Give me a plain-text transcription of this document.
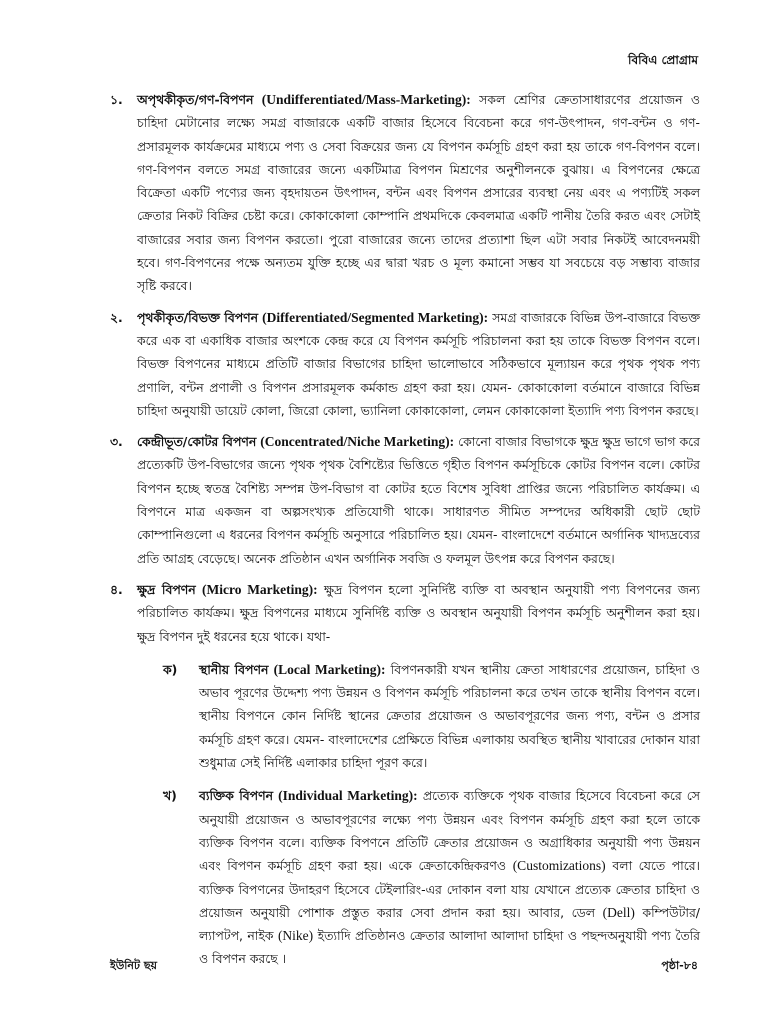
বিবিএ প্রোগ্রাম
১. অপৃথকীকৃত/গণ-বিপণন (Undifferentiated/Mass-Marketing): সকল শ্রেণির ক্রেতাসাধারণের প্রয়োজন ও চাহিদা মেটানোর লক্ষ্যে সমগ্র বাজারকে একটি বাজার হিসেবে বিবেচনা করে গণ-উৎপাদন, গণ-বন্টন ও গণ-প্রসারমূলক কার্যক্রমের মাধ্যমে পণ্য ও সেবা বিক্রয়ের জন্য যে বিপণন কর্মসূচি গ্রহণ করা হয় তাকে গণ-বিপণন বলে। গণ-বিপণন বলতে সমগ্র বাজারের জন্যে একটিমাত্র বিপণন মিশ্রণের অনুশীলনকে বুঝায়। এ বিপণনের ক্ষেত্রে বিক্রেতা একটি পণ্যের জন্য বৃহদায়তন উৎপাদন, বন্টন এবং বিপণন প্রসারের ব্যবস্থা নেয় এবং এ পণ্যটিই সকল ক্রেতার নিকট বিক্রির চেষ্টা করে। কোকাকোলা কোম্পানি প্রথমদিকে কেবলমাত্র একটি পানীয় তৈরি করত এবং সেটাই বাজারের সবার জন্য বিপণন করতো। পুরো বাজারের জন্যে তাদের প্রত্যাশা ছিল এটা সবার নিকটই আবেদনময়ী হবে। গণ-বিপণনের পক্ষে অন্যতম যুক্তি হচ্ছে এর দ্বারা খরচ ও মূল্য কমানো সম্ভব যা সবচেয়ে বড় সম্ভাব্য বাজার সৃষ্টি করবে।
২. পৃথকীকৃত/বিভক্ত বিপণন (Differentiated/Segmented Marketing): সমগ্র বাজারকে বিভিন্ন উপ-বাজারে বিভক্ত করে এক বা একাধিক বাজার অংশকে কেন্দ্র করে যে বিপণন কর্মসূচি পরিচালনা করা হয় তাকে বিভক্ত বিপণন বলে। বিভক্ত বিপণনের মাধ্যমে প্রতিটি বাজার বিভাগের চাহিদা ভালোভাবে সঠিকভাবে মূল্যায়ন করে পৃথক পৃথক পণ্য প্রণালি, বন্টন প্রণালী ও বিপণন প্রসারমূলক কর্মকান্ড গ্রহণ করা হয়। যেমন- কোকাকোলা বর্তমানে বাজারে বিভিন্ন চাহিদা অনুযায়ী ডায়েট কোলা, জিরো কোলা, ভ্যানিলা কোকাকোলা, লেমন কোকাকোলা ইত্যাদি পণ্য বিপণন করছে।
৩. কেন্দ্রীভূত/কোটর বিপণন (Concentrated/Niche Marketing): কোনো বাজার বিভাগকে ক্ষুদ্র ক্ষুদ্র ভাগে ভাগ করে প্রত্যেকটি উপ-বিভাগের জন্যে পৃথক পৃথক বৈশিষ্ট্যের ভিত্তিতে গৃহীত বিপণন কর্মসূচিকে কোটর বিপণন বলে। কোটর বিপণন হচ্ছে স্বতন্ত্র বৈশিষ্ট্য সম্পন্ন উপ-বিভাগ বা কোটর হতে বিশেষ সুবিধা প্রাপ্তির জন্যে পরিচালিত কার্যক্রম। এ বিপণনে মাত্র একজন বা অল্পসংখ্যক প্রতিযোগী থাকে। সাধারণত সীমিত সম্পদের অধিকারী ছোট ছোট কোম্পানিগুলো এ ধরনের বিপণন কর্মসূচি অনুসারে পরিচালিত হয়। যেমন- বাংলাদেশে বর্তমানে অর্গানিক খাদ্যদ্রব্যের প্রতি আগ্রহ বেড়েছে। অনেক প্রতিষ্ঠান এখন অর্গানিক সবজি ও ফলমূল উৎপন্ন করে বিপণন করছে।
৪. ক্ষুদ্র বিপণন (Micro Marketing): ক্ষুদ্র বিপণন হলো সুনির্দিষ্ট ব্যক্তি বা অবস্থান অনুযায়ী পণ্য বিপণনের জন্য পরিচালিত কার্যক্রম। ক্ষুদ্র বিপণনের মাধ্যমে সুনির্দিষ্ট ব্যক্তি ও অবস্থান অনুযায়ী বিপণন কর্মসূচি অনুশীলন করা হয়। ক্ষুদ্র বিপণন দুই ধরনের হয়ে থাকে। যথা-
ক) স্থানীয় বিপণন (Local Marketing): বিপণনকারী যখন স্থানীয় ক্রেতা সাধারণের প্রয়োজন, চাহিদা ও অভাব পূরণের উদ্দেশ্য পণ্য উন্নয়ন ও বিপণন কর্মসূচি পরিচালনা করে তখন তাকে স্থানীয় বিপণন বলে। স্থানীয় বিপণনে কোন নির্দিষ্ট স্থানের ক্রেতার প্রয়োজন ও অভাবপূরণের জন্য পণ্য, বন্টন ও প্রসার কর্মসূচি গ্রহণ করে। যেমন- বাংলাদেশের প্রেক্ষিতে বিভিন্ন এলাকায় অবস্থিত স্থানীয় খাবারের দোকান যারা শুধুমাত্র সেই নির্দিষ্ট এলাকার চাহিদা পূরণ করে।
খ) ব্যক্তিক বিপণন (Individual Marketing): প্রত্যেক ব্যক্তিকে পৃথক বাজার হিসেবে বিবেচনা করে সে অনুযায়ী প্রয়োজন ও অভাবপূরণের লক্ষ্যে পণ্য উন্নয়ন এবং বিপণন কর্মসূচি গ্রহণ করা হলে তাকে ব্যক্তিক বিপণন বলে। ব্যক্তিক বিপণনে প্রতিটি ক্রেতার প্রয়োজন ও অগ্রাধিকার অনুযায়ী পণ্য উন্নয়ন এবং বিপণন কর্মসূচি গ্রহণ করা হয়। একে ক্রেতাকেন্দ্রিকরণও (Customizations) বলা যেতে পারে। ব্যক্তিক বিপণনের উদাহরণ হিসেবে টেইলারিং-এর দোকান বলা যায় যেখানে প্রত্যেক ক্রেতার চাহিদা ও প্রয়োজন অনুযায়ী পোশাক প্রস্তুত করার সেবা প্রদান করা হয়। আবার, ডেল (Dell) কম্পিউটার/ল্যাপটপ, নাইক (Nike) ইত্যাদি প্রতিষ্ঠানও ক্রেতার আলাদা আলাদা চাহিদা ও পছন্দঅনুযায়ী পণ্য তৈরি ও বিপণন করছে ।
ইউনিট ছয়	পৃষ্ঠা-৮৪
